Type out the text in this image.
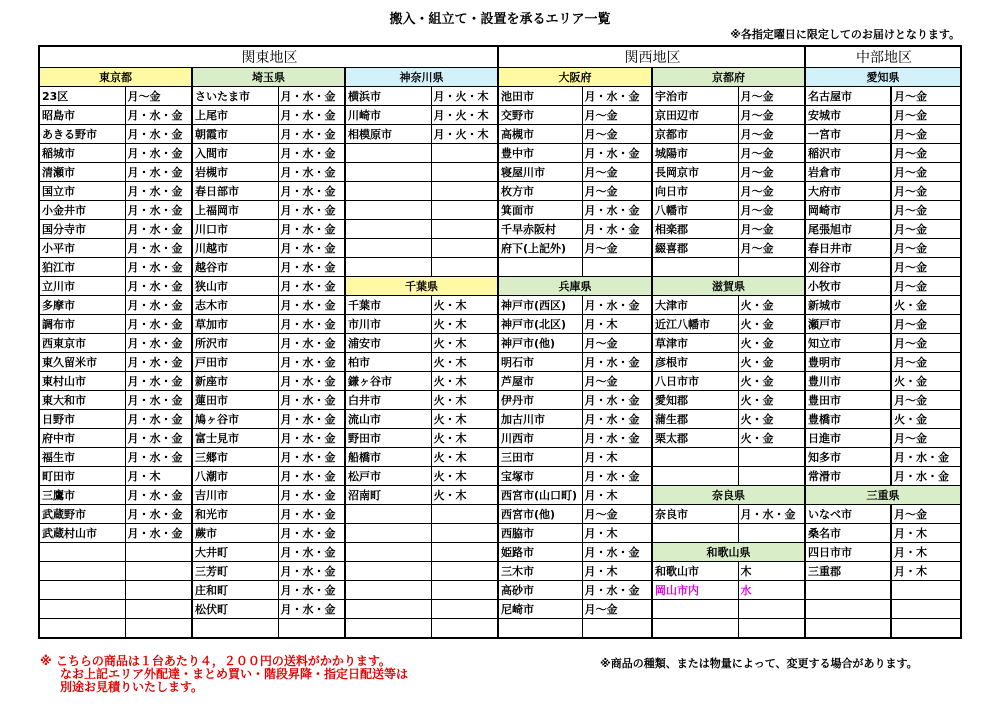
搬入・組立て・設置を承るエリア一覧
※各指定曜日に限定してのお届けとなります。
関東地区						関西地区				中部地区	
東京都		埼玉県		神奈川県		大阪府		京都府		愛知県	
23区	月～金	さいたま市	月・水・金	横浜市	月・火・木	池田市	月・水・金	宇治市	月～金	名古屋市	月～金
昭島市	月・水・金	上尾市	月・水・金	川崎市	月・火・木	交野市	月～金	京田辺市	月～金	安城市	月～金
あきる野市	月・水・金	朝霞市	月・水・金	相模原市	月・火・木	高槻市	月～金	京都市	月～金	一宮市	月～金
稲城市	月・水・金	入間市	月・水・金			豊中市	月・水・金	城陽市	月～金	稲沢市	月～金
清瀬市	月・水・金	岩槻市	月・水・金			寝屋川市	月～金	長岡京市	月～金	岩倉市	月～金
国立市	月・水・金	春日部市	月・水・金			枚方市	月～金	向日市	月～金	大府市	月～金
小金井市	月・水・金	上福岡市	月・水・金			箕面市	月・水・金	八幡市	月～金	岡崎市	月～金
国分寺市	月・水・金	川口市	月・水・金			千早赤阪村	月・水・金	相楽郡	月～金	尾張旭市	月～金
小平市	月・水・金	川越市	月・水・金			府下(上記外)	月～金	綴喜郡	月～金	春日井市	月～金
狛江市	月・水・金	越谷市	月・水・金							刈谷市	月～金
立川市	月・水・金	狭山市	月・水・金	千葉県		兵庫県		滋賀県		小牧市	月～金
多摩市	月・水・金	志木市	月・水・金	千葉市	火・木	神戸市(西区)	月・水・金	大津市	火・金	新城市	火・金
調布市	月・水・金	草加市	月・水・金	市川市	火・木	神戸市(北区)	月・木	近江八幡市	火・金	瀬戸市	月～金
西東京市	月・水・金	所沢市	月・水・金	浦安市	火・木	神戸市(他)	月～金	草津市	火・金	知立市	月～金
東久留米市	月・水・金	戸田市	月・水・金	柏市	火・木	明石市	月・水・金	彦根市	火・金	豊明市	月～金
東村山市	月・水・金	新座市	月・水・金	鎌ヶ谷市	火・木	芦屋市	月～金	八日市市	火・金	豊川市	火・金
東大和市	月・水・金	蓮田市	月・水・金	白井市	火・木	伊丹市	月・水・金	愛知郡	火・金	豊田市	月～金
日野市	月・水・金	鳩ヶ谷市	月・水・金	流山市	火・木	加古川市	月・水・金	蒲生郡	火・金	豊橋市	火・金
府中市	月・水・金	富士見市	月・水・金	野田市	火・木	川西市	月・水・金	栗太郡	火・金	日進市	月～金
福生市	月・水・金	三郷市	月・水・金	船橋市	火・木	三田市	月・木			知多市	月・水・金
町田市	月・木	八潮市	月・水・金	松戸市	火・木	宝塚市	月・水・金			常滑市	月・水・金
三鷹市	月・水・金	吉川市	月・水・金	沼南町	火・木	西宮市(山口町)	月・木	奈良県		三重県	
武蔵野市	月・水・金	和光市	月・水・金			西宮市(他)	月～金	奈良市	月・水・金	いなべ市	月～金
武蔵村山市	月・水・金	蕨市	月・水・金			西脇市	月・木			桑名市	月・木
		大井町	月・水・金			姫路市	月・水・金	和歌山県		四日市市	月・木
		三芳町	月・水・金			三木市	月・木	和歌山市	木	三重郡	月・木
		庄和町	月・水・金			高砂市	月・水・金	岡山市内	水		
		松伏町	月・水・金			尼崎市	月～金				

※ こちらの商品は１台あたり４，２００円の送料がかかります。
なお上記エリア外配達・まとめ買い・階段昇降・指定日配送等は
別途お見積りいたします。
※商品の種類、または物量によって、変更する場合があります。
